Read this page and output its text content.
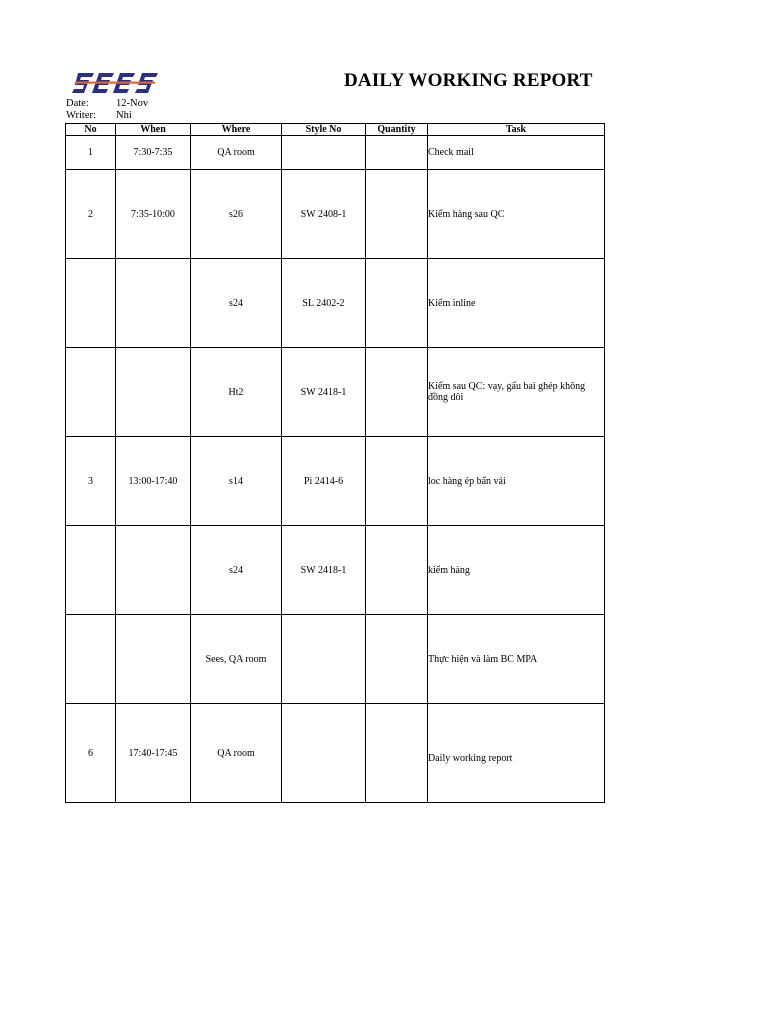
DAILY WORKING REPORT
Date:	12-Nov
Writer: Nhi
No	When	Where	Style No	Quantity	Task
1	7:30-7:35	QA room			Check mail
2	7:35-10:00	s26	SW 2408-1		Kiểm hàng sau QC
		s24	SL 2402-2		Kiểm inline
		Ht2	SW 2418-1		Kiểm sau QC: vạy, gấu bai ghép không đồng dôi
3	13:00-17:40	s14	Pi 2414-6		loc hàng ép bẩn vải
		s24	SW 2418-1		kiểm hàng
		Sees, QA room			Thực hiện và làm BC MPA
6	17:40-17:45	QA room			Daily working report
